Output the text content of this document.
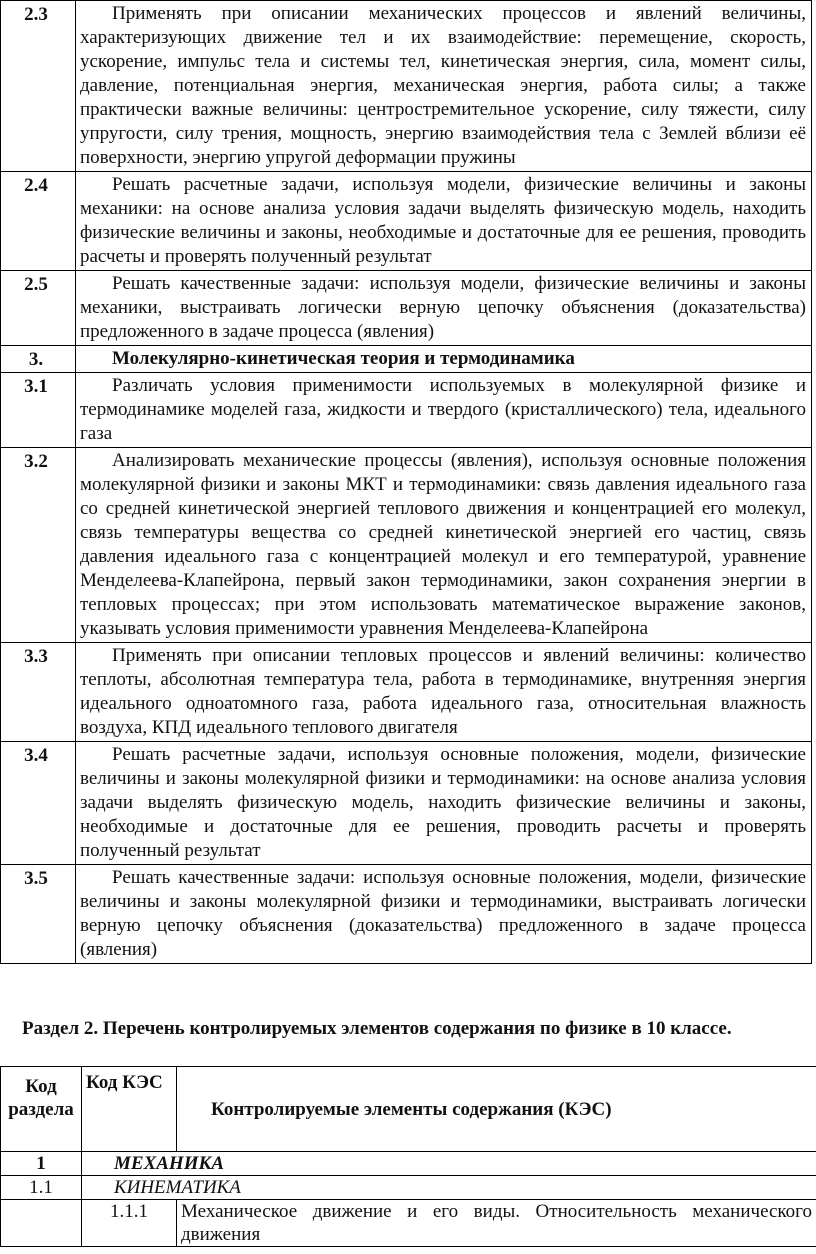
2.3	Применять при описании механических процессов и явлений величины, характеризующих движение тел и их взаимодействие: перемещение, скорость, ускорение, импульс тела и системы тел, кинетическая энергия, сила, момент силы, давление, потенциальная энергия, механическая энергия, работа силы; а также практически важные величины: центростремительное ускорение, силу тяжести, силу упругости, силу трения, мощность, энергию взаимодействия тела с Землей вблизи её поверхности, энергию упругой деформации пружины
2.4	Решать расчетные задачи, используя модели, физические величины и законы механики: на основе анализа условия задачи выделять физическую модель, находить физические величины и законы, необходимые и достаточные для ее решения, проводить расчеты и проверять полученный результат
2.5	Решать качественные задачи: используя модели, физические величины и законы механики, выстраивать логически верную цепочку объяснения (доказательства) предложенного в задаче процесса (явления)
3.	Молекулярно-кинетическая теория и термодинамика
3.1	Различать условия применимости используемых в молекулярной физике и термодинамике моделей газа, жидкости и твердого (кристаллического) тела, идеального газа
3.2	Анализировать механические процессы (явления), используя основные положения молекулярной физики и законы МКТ и термодинамики: связь давления идеального газа со средней кинетической энергией теплового движения и концентрацией его молекул, связь температуры вещества со средней кинетической энергией его частиц, связь давления идеального газа с концентрацией молекул и его температурой, уравнение Менделеева-Клапейрона, первый закон термодинамики, закон сохранения энергии в тепловых процессах; при этом использовать математическое выражение законов, указывать условия применимости уравнения Менделеева-Клапейрона
3.3	Применять при описании тепловых процессов и явлений величины: количество теплоты, абсолютная температура тела, работа в термодинамике, внутренняя энергия идеального одноатомного газа, работа идеального газа, относительная влажность воздуха, КПД идеального теплового двигателя
3.4	Решать расчетные задачи, используя основные положения, модели, физические величины и законы молекулярной физики и термодинамики: на основе анализа условия задачи выделять физическую модель, находить физические величины и законы, необходимые и достаточные для ее решения, проводить расчеты и проверять полученный результат
3.5	Решать качественные задачи: используя основные положения, модели, физические величины и законы молекулярной физики и термодинамики, выстраивать логически верную цепочку объяснения (доказательства) предложенного в задаче процесса (явления)
Раздел 2. Перечень контролируемых элементов содержания по физике в 10 классе.
Код раздела	Код КЭС	Контролируемые элементы содержания (КЭС)
1	МЕХАНИКА	
1.1	КИНЕМАТИКА	
	1.1.1	Механическое движение и его виды. Относительность механического движения
